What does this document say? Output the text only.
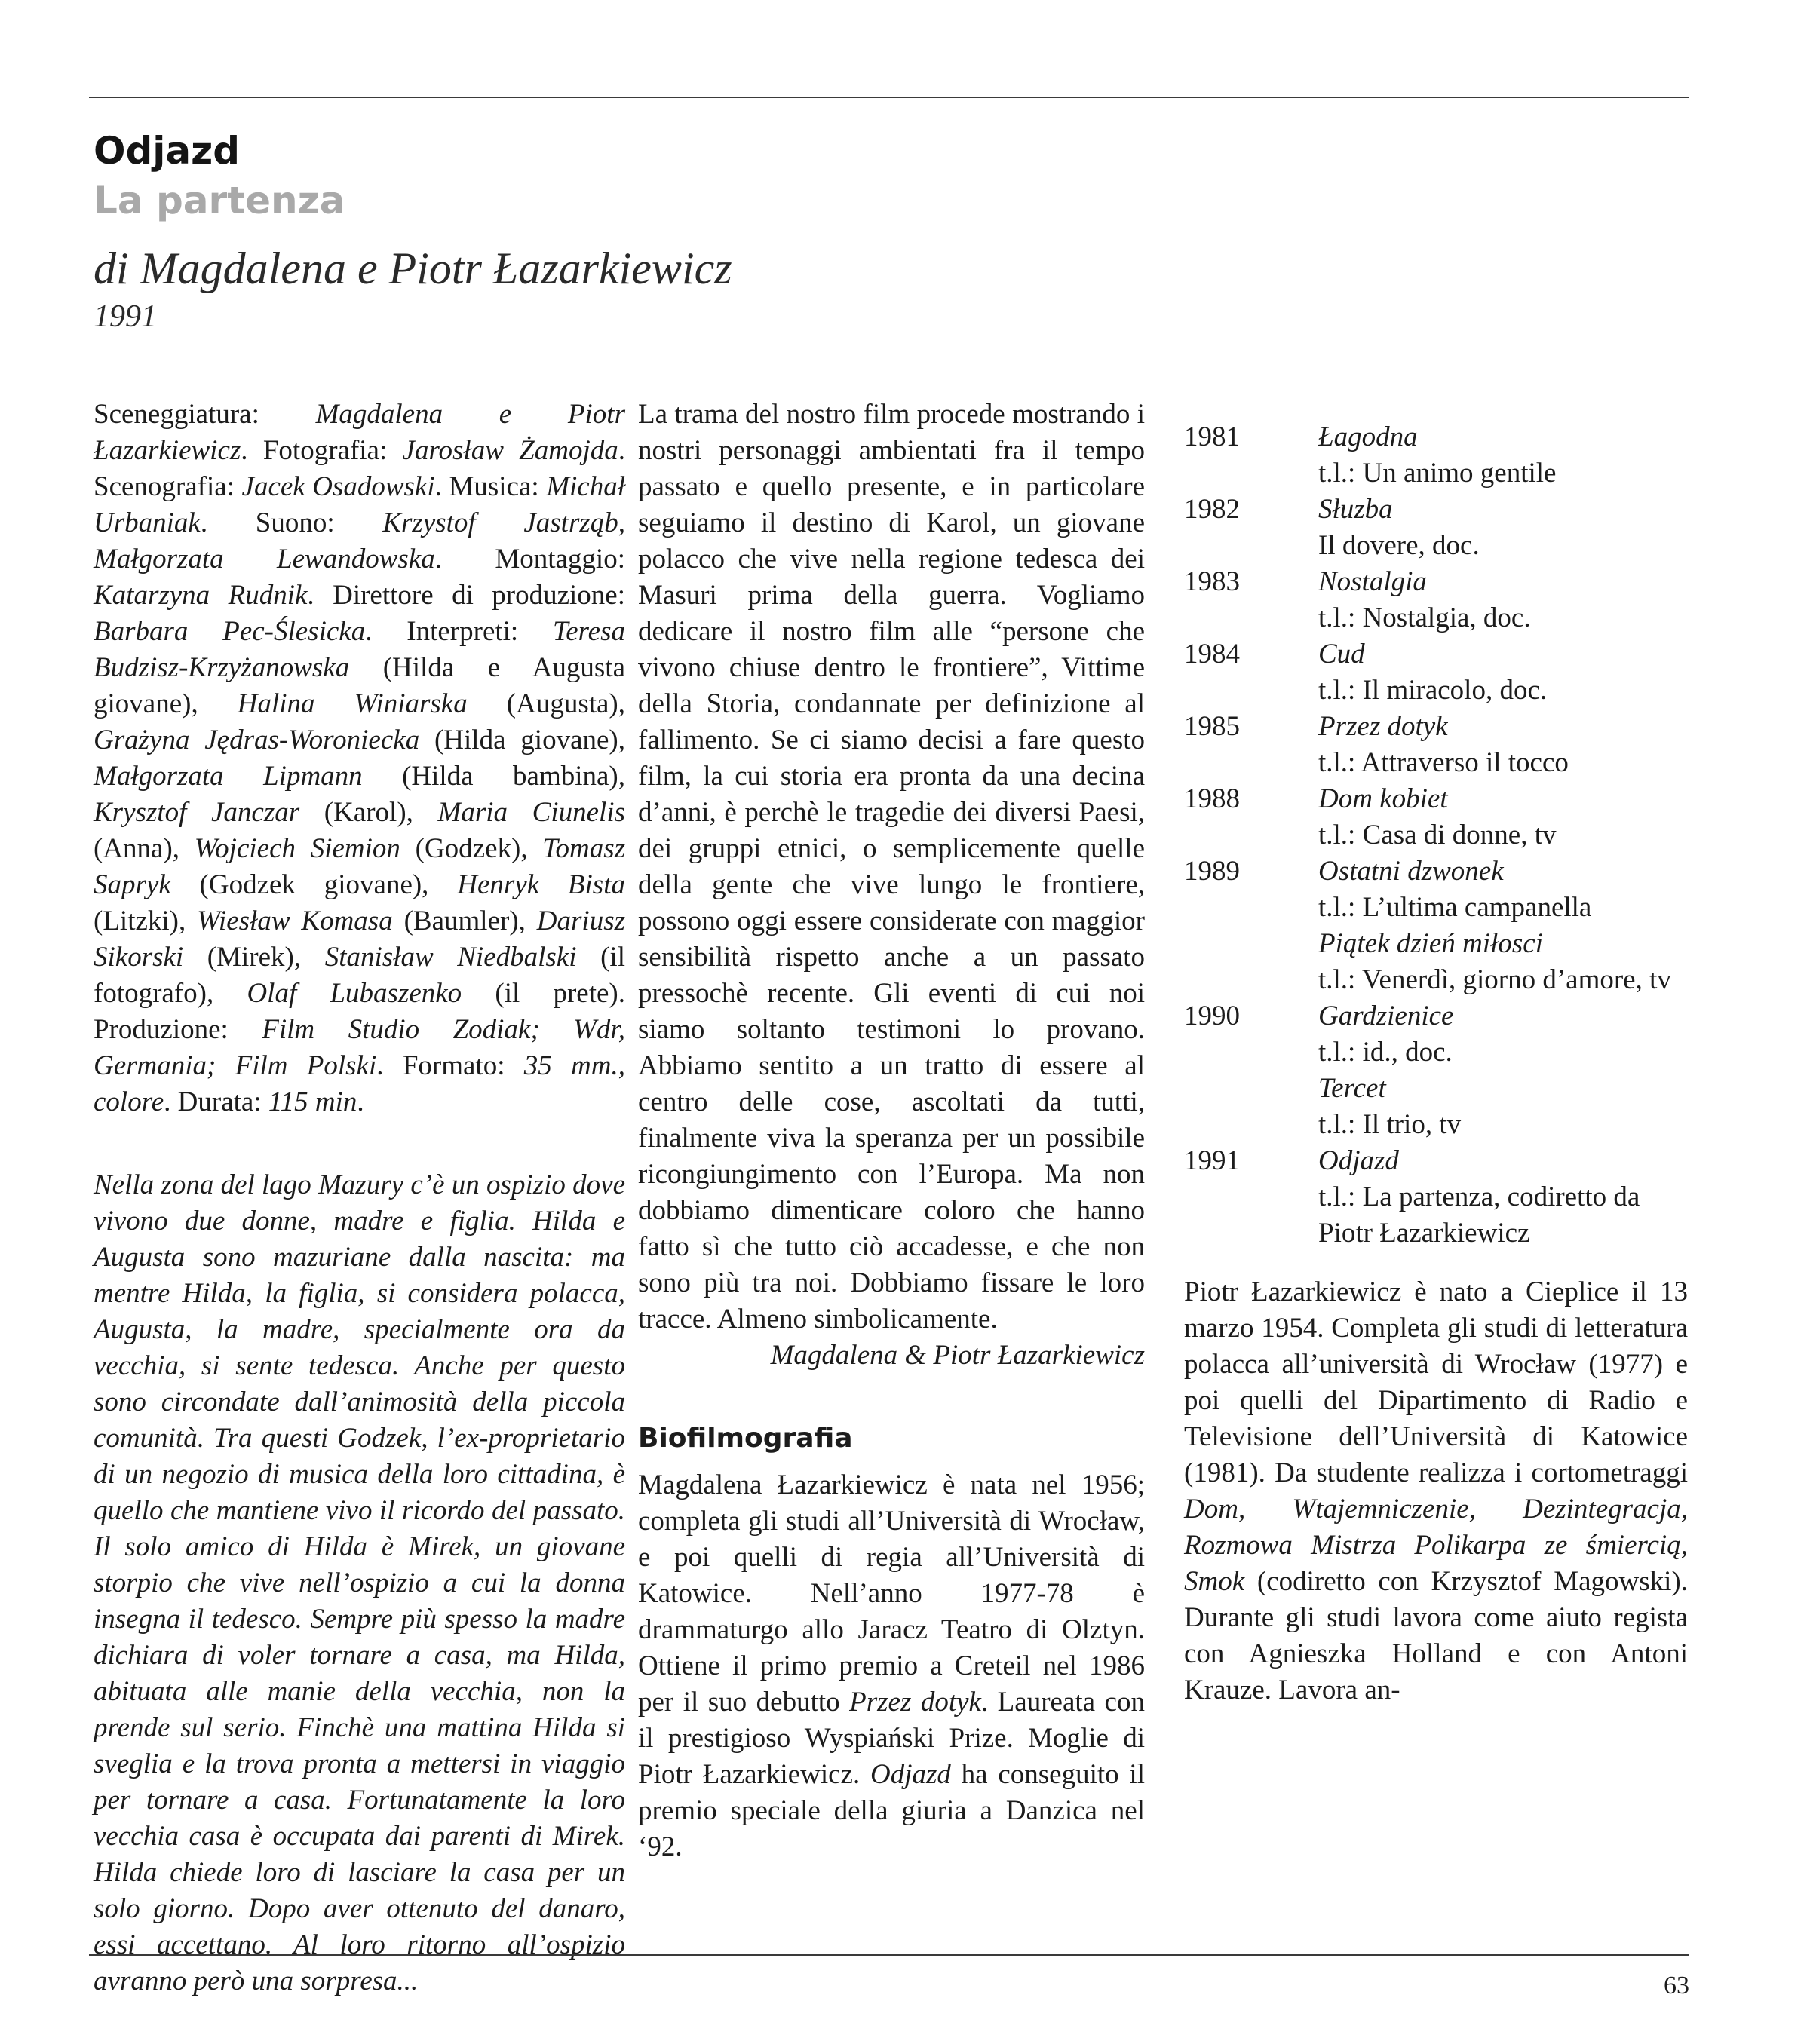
Odjazd
La partenza
di Magdalena e Piotr Łazarkiewicz
1991

Sceneggiatura: Magdalena e Piotr Łazarkiewicz. Fotografia: Jarosław Żamojda. Scenografia: Jacek Osadowski. Musica: Michał Urbaniak. Suono: Krzystof Jastrząb, Małgorzata Lewandowska. Montaggio: Katarzyna Rudnik. Direttore di produzione: Barbara Pec-Ślesicka. Interpreti: Teresa Budzisz-Krzyżanowska (Hilda e Augusta giovane), Halina Winiarska (Augusta), Grażyna Jędras-Woroniecka (Hilda giovane), Małgorzata Lipmann (Hilda bambina), Krysztof Janczar (Karol), Maria Ciunelis (Anna), Wojciech Siemion (Godzek), Tomasz Sapryk (Godzek giovane), Henryk Bista (Litzki), Wiesław Komasa (Baumler), Dariusz Sikorski (Mirek), Stanisław Niedbalski (il fotografo), Olaf Lubaszenko (il prete). Produzione: Film Studio Zodiak; Wdr, Germania; Film Polski. Formato: 35 mm., colore. Durata: 115 min.

Nella zona del lago Mazury c’è un ospizio dove vivono due donne, madre e figlia. Hilda e Augusta sono mazuriane dalla nascita: ma mentre Hilda, la figlia, si considera polacca, Augusta, la madre, specialmente ora da vecchia, si sente tedesca. Anche per questo sono circondate dall’animosità della piccola comunità. Tra questi Godzek, l’ex-proprietario di un negozio di musica della loro cittadina, è quello che mantiene vivo il ricordo del passato. Il solo amico di Hilda è Mirek, un giovane storpio che vive nell’ospizio a cui la donna insegna il tedesco. Sempre più spesso la madre dichiara di voler tornare a casa, ma Hilda, abituata alle manie della vecchia, non la prende sul serio. Finchè una mattina Hilda si sveglia e la trova pronta a mettersi in viaggio per tornare a casa. Fortunatamente la loro vecchia casa è occupata dai parenti di Mirek. Hilda chiede loro di lasciare la casa per un solo giorno. Dopo aver ottenuto del danaro, essi accettano. Al loro ritorno all’ospizio avranno però una sorpresa...

La trama del nostro film procede mostrando i nostri personaggi ambientati fra il tempo passato e quello presente, e in particolare seguiamo il destino di Karol, un giovane polacco che vive nella regione tedesca dei Masuri prima della guerra. Vogliamo dedicare il nostro film alle “persone che vivono chiuse dentro le frontiere”, Vittime della Storia, condannate per definizione al fallimento. Se ci siamo decisi a fare questo film, la cui storia era pronta da una decina d’anni, è perchè le tragedie dei diversi Paesi, dei gruppi etnici, o semplicemente quelle della gente che vive lungo le frontiere, possono oggi essere considerate con maggior sensibilità rispetto anche a un passato pressochè recente. Gli eventi di cui noi siamo soltanto testimoni lo provano. Abbiamo sentito a un tratto di essere al centro delle cose, ascoltati da tutti, finalmente viva la speranza per un possibile ricongiungimento con l’Europa. Ma non dobbiamo dimenticare coloro che hanno fatto sì che tutto ciò accadesse, e che non sono più tra noi. Dobbiamo fissare le loro tracce. Almeno simbolicamente.

Magdalena & Piotr Łazarkiewicz

Biofilmografia

Magdalena Łazarkiewicz è nata nel 1956; completa gli studi all’Università di Wrocław, e poi quelli di regia all’Università di Katowice. Nell’anno 1977-78 è drammaturgo allo Jaracz Teatro di Olztyn. Ottiene il primo premio a Creteil nel 1986 per il suo debutto Przez dotyk. Laureata con il prestigioso Wyspiański Prize. Moglie di Piotr Łazarkiewicz. Odjazd ha conseguito il premio speciale della giuria a Danzica nel ‘92.

1981	Łagodna
t.l.: Un animo gentile
1982	Słuzba
Il dovere, doc.
1983	Nostalgia
t.l.: Nostalgia, doc.
1984	Cud
t.l.: Il miracolo, doc.
1985	Przez dotyk
t.l.: Attraverso il tocco
1988	Dom kobiet
t.l.: Casa di donne, tv
1989	Ostatni dzwonek
t.l.: L’ultima campanella
Piątek dzień miłosci
t.l.: Venerdì, giorno d’amore, tv
1990	Gardzienice
t.l.: id., doc.
Tercet
t.l.: Il trio, tv
1991	Odjazd
t.l.: La partenza, codiretto da Piotr Łazarkiewicz

Piotr Łazarkiewicz è nato a Cieplice il 13 marzo 1954. Completa gli studi di letteratura polacca all’università di Wrocław (1977) e poi quelli del Dipartimento di Radio e Televisione dell’Università di Katowice (1981). Da studente realizza i cortometraggi Dom, Wtajemniczenie, Dezintegracja, Rozmowa Mistrza Polikarpa ze śmiercią, Smok (codiretto con Krzysztof Magowski). Durante gli studi lavora come aiuto regista con Agnieszka Holland e con Antoni Krauze. Lavora an-

63
